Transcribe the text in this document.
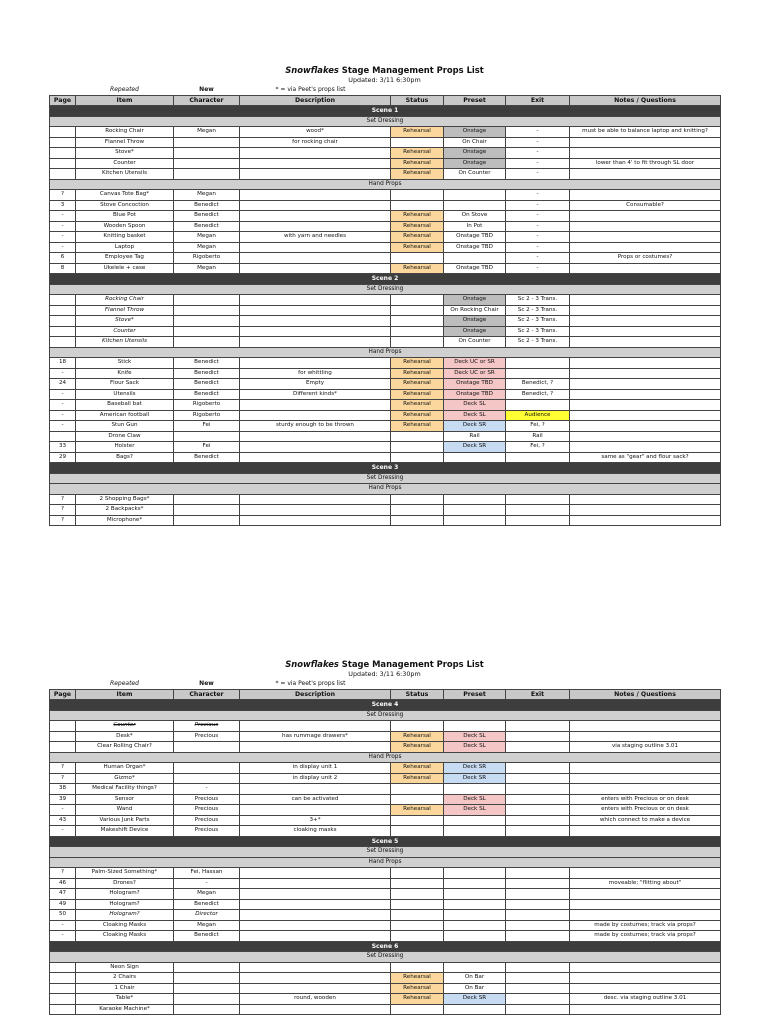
Snowflakes Stage Management Props List
Updated: 3/11 6:30pm
	Repeated	New	* = via Peet's props list				
Page	Item	Character	Description	Status	Preset	Exit	Notes / Questions
Scene 1							
Set Dressing							
	Rocking Chair	Megan	wood*	Rehearsal	Onstage	-	must be able to balance laptop and knitting?
	Flannel Throw		for rocking chair		On Chair	-	
	Stove*			Rehearsal	Onstage	-	
	Counter			Rehearsal	Onstage	-	lower than 4' to fit through SL door
	Kitchen Utensils			Rehearsal	On Counter	-	
Hand Props							
?	Canvas Tote Bag*	Megan				-	
3	Stove Concoction	Benedict				-	Consumable?
-	Blue Pot	Benedict		Rehearsal	On Stove	-	
-	Wooden Spoon	Benedict		Rehearsal	In Pot	-	
-	Knitting basket	Megan	with yarn and needles	Rehearsal	Onstage TBD	-	
-	Laptop	Megan		Rehearsal	Onstage TBD	-	
6	Employee Tag	Rigoberto				-	Props or costumes?
8	Ukelele + case	Megan		Rehearsal	Onstage TBD	-	
Scene 2							
Set Dressing							
	Rocking Chair				Onstage	Sc 2 - 3 Trans.	
	Flannel Throw				On Rocking Chair	Sc 2 - 3 Trans.	
	Stove*				Onstage	Sc 2 - 3 Trans.	
	Counter				Onstage	Sc 2 - 3 Trans.	
	Kitchen Utensils				On Counter	Sc 2 - 3 Trans.	
Hand Props							
18	Stick	Benedict		Rehearsal	Deck UC or SR		
-	Knife	Benedict	for whittling	Rehearsal	Deck UC or SR		
24	Flour Sack	Benedict	Empty	Rehearsal	Onstage TBD	Benedict, ?	
-	Utensils	Benedict	Different kinds*	Rehearsal	Onstage TBD	Benedict, ?	
-	Baseball bat	Rigoberto		Rehearsal	Deck SL		
-	American football	Rigoberto		Rehearsal	Deck SL	Audience	
-	Stun Gun	Fei	sturdy enough to be thrown	Rehearsal	Deck SR	Fei, ?	
	Drone Claw				Rail	Rail	
33	Holster	Fei			Deck SR	Fei, ?	
29	Bags?	Benedict					same as "gear" and flour sack?
Scene 3							
Set Dressing							
Hand Props							
?	2 Shopping Bags*						
?	2 Backpacks*						
?	Microphone*						
Snowflakes Stage Management Props List
Updated: 3/11 6:30pm
	Repeated	New	* = via Peet's props list				
Page	Item	Character	Description	Status	Preset	Exit	Notes / Questions
Scene 4							
Set Dressing							
	Counter	Precious					
	Desk*	Precious	has rummage drawers*	Rehearsal	Deck SL		
	Clear Rolling Chair?			Rehearsal	Deck SL		via staging outline 3.01
Hand Props							
?	Human Organ*		in display unit 1	Rehearsal	Deck SR		
?	Gizmo*		in display unit 2	Rehearsal	Deck SR		
38	Medical Facility things?	-					
39	Sensor	Precious	can be activated		Deck SL		enters with Precious or on desk
-	Wand	Precious		Rehearsal	Deck SL		enters with Precious or on desk
43	Various Junk Parts	Precious	3+*				which connect to make a device
-	Makeshift Device	Precious	cloaking masks				
Scene 5							
Set Dressing							
Hand Props							
?	Palm-Sized Something*	Fei, Hassan					
46	Drones?	-					moveable; "flitting about"
47	Hologram?	Megan					
49	Hologram?	Benedict					
50	Hologram?	Director					
-	Cloaking Masks	Megan					made by costumes; track via props?
-	Cloaking Masks	Benedict					made by costumes; track via props?
Scene 6							
Set Dressing							
	Neon Sign						
	2 Chairs			Rehearsal	On Bar		
	1 Chair			Rehearsal	On Bar		
	Table*		round, wooden	Rehearsal	Deck SR		desc. via staging outline 3.01
	Karaoke Machine*						
